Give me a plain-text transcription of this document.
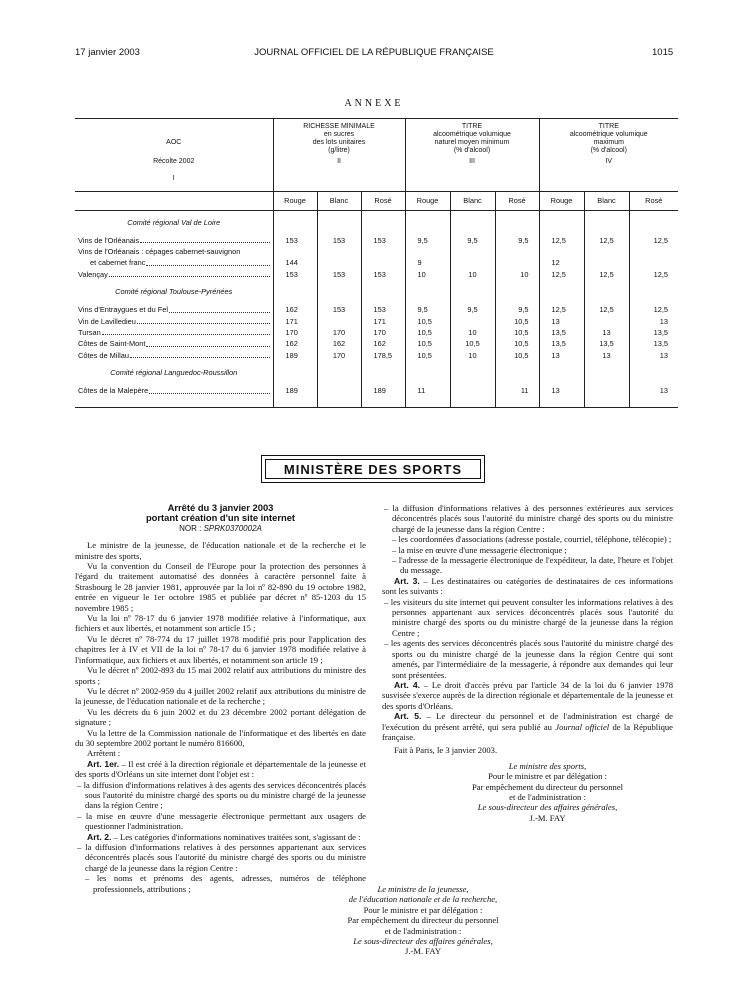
17 janvier 2003	JOURNAL OFFICIEL DE LA RÉPUBLIQUE FRANÇAISE	1015
ANNEXE
	RICHESSE MINIMALE			TITRE			TITRE		
	en sucres			alcoométrique volumique			alcoométrique volumique		
AOC	des lots unitaires			naturel moyen minimum			maximum		
	(g/litre)			(% d'alcool)			(% d'alcool)		
Récolte 2002	II			III			IV		
I									
	Rouge	Blanc	Rosé	Rouge	Blanc	Rosé	Rouge	Blanc	Rosé
Comité régional Val de Loire									

Vins de l'Orléanais	153	153	153	9,5	9,5	9,5	12,5	12,5	12,5
Vins de l'Orléanais : cépages cabernet-sauvignon									

et cabernet franc	144			9			12		

Valençay	153	153	153	10	10	10	12,5	12,5	12,5
Comité régional Toulouse-Pyrénées									

Vins d'Entraygues et du Fel	162	153	153	9,5	9,5	9,5	12,5	12,5	12,5

Vin de Lavilledieu	171		171	10,5		10,5	13		13

Tursan	170	170	170	10,5	10	10,5	13,5	13	13,5

Côtes de Saint-Mont	162	162	162	10,5	10,5	10,5	13,5	13,5	13,5

Côtes de Millau	189	170	178,5	10,5	10	10,5	13	13	13
Comité régional Languedoc-Roussillon									

Côtes de la Malepère	189		189	11		11	13		13
MINISTÈRE DES SPORTS
Arrêté du 3 janvier 2003
portant création d'un site internet
NOR : SPRK0370002A

Le ministre de la jeunesse, de l'éducation nationale et de la recherche et le ministre des sports,

Vu la convention du Conseil de l'Europe pour la protection des personnes à l'égard du traitement automatisé des données à caractère personnel faite à Strasbourg le 28 janvier 1981, approuvée par la loi nº 82-890 du 19 octobre 1982, entrée en vigueur le 1er octobre 1985 et publiée par décret nº 85-1203 du 15 novembre 1985 ;

Vu la loi nº 78-17 du 6 janvier 1978 modifiée relative à l'informatique, aux fichiers et aux libertés, et notamment son article 15 ;

Vu le décret nº 78-774 du 17 juillet 1978 modifié pris pour l'application des chapitres Ier à IV et VII de la loi nº 78-17 du 6 janvier 1978 modifiée relative à l'informatique, aux fichiers et aux libertés, et notamment son article 19 ;

Vu le décret nº 2002-893 du 15 mai 2002 relatif aux attributions du ministre des sports ;

Vu le décret nº 2002-959 du 4 juillet 2002 relatif aux attributions du ministre de la jeunesse, de l'éducation nationale et de la recherche ;

Vu les décrets du 6 juin 2002 et du 23 décembre 2002 portant délégation de signature ;

Vu la lettre de la Commission nationale de l'informatique et des libertés en date du 30 septembre 2002 portant le numéro 816600,

Arrêtent :

Art. 1er. – Il est créé à la direction régionale et départementale de la jeunesse et des sports d'Orléans un site internet dont l'objet est :

– la diffusion d'informations relatives à des agents des services déconcentrés placés sous l'autorité du ministre chargé des sports ou du ministre chargé de la jeunesse dans la région Centre ;

– la mise en œuvre d'une messagerie électronique permettant aux usagers de questionner l'administration.

Art. 2. – Les catégories d'informations nominatives traitées sont, s'agissant de :

– la diffusion d'informations relatives à des personnes appartenant aux services déconcentrés placés sous l'autorité du ministre chargé des sports ou du ministre chargé de la jeunesse dans la région Centre :

– les noms et prénoms des agents, adresses, numéros de téléphone professionnels, attributions ;

– la diffusion d'informations relatives à des personnes extérieures aux services déconcentrés placés sous l'autorité du ministre chargé des sports ou du ministre chargé de la jeunesse dans la région Centre :

– les coordonnées d'associations (adresse postale, courriel, téléphone, télécopie) ;

– la mise en œuvre d'une messagerie électronique ;

– l'adresse de la messagerie électronique de l'expéditeur, la date, l'heure et l'objet du message.

Art. 3. – Les destinataires ou catégories de destinataires de ces informations sont les suivants :

– les visiteurs du site internet qui peuvent consulter les informations relatives à des personnes appartenant aux services déconcentrés placés sous l'autorité du ministre chargé des sports ou du ministre chargé de la jeunesse dans la région Centre ;

– les agents des services déconcentrés placés sous l'autorité du ministre chargé des sports ou du ministre chargé de la jeunesse dans la région Centre qui sont amenés, par l'intermédiaire de la messagerie, à répondre aux demandes qui leur sont présentées.

Art. 4. – Le droit d'accès prévu par l'article 34 de la loi du 6 janvier 1978 susvisée s'exerce auprès de la direction régionale et départementale de la jeunesse et des sports d'Orléans.

Art. 5. – Le directeur du personnel et de l'administration est chargé de l'exécution du présent arrêté, qui sera publié au Journal officiel de la République française.

Fait à Paris, le 3 janvier 2003.

Le ministre des sports,
Pour le ministre et par délégation :
Par empêchement du directeur du personnel
et de l'administration :
Le sous-directeur des affaires générales,
J.-M. FAY
Le ministre de la jeunesse,
de l'éducation nationale et de la recherche,
Pour le ministre et par délégation :
Par empêchement du directeur du personnel
et de l'administration :
Le sous-directeur des affaires générales,
J.-M. FAY
